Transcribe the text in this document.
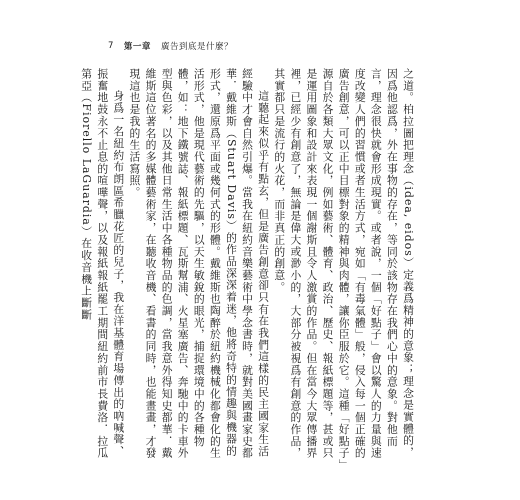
7 第一章 廣告到底是什麼？

之道。柏拉圖把理念（idea, eidos）定義爲精神的意象；理念是實體的，因爲他認爲，外在事物的存在，等同於該物存在我們心中的意象。對他而言，理念很快就會形成現實。或者說，一個「好點子」會以驚人的力量與速度改變人們的習慣或者生活方式，宛如「有毒氣體」般，侵入每一個正確的廣告創意，可以正中目標對象的精神與肉體，讓你臣服於它。這種「好點子」源自於各類大眾文化，例如藝術、體育、政治、歷史、報紙標題等，甚或只是運用圖象和設計來表現一個謝斯且令人激賞的作品。但在當今大眾傳播界裡，已經少有創意了，無論是偉大或渺小的，大部分被視爲有創意的作品，其實都只是流行的火花，而非真正的創意。

這聽起來似乎有點玄，但是廣告創意卻只有在我們這樣的民主國家生活經驗中才會自然引爆。當我在紐約音樂藝術中學念書時，就對美國畫家史都華．戴維斯（Stuart Davis）的作品深深着迷，他將奇特的情趣與機器的形式，還原爲平面或幾何式的形體。戴維斯也陶醉於紐約機械化都會化的生活形式，他是現代藝術的先驅，以天生敏銳的眼光，捕捉環境中的各種物體，如：地下鐵號誌、報紙標題、瓦斯幫浦、火星塞廣告、奔馳中的卡車外型與色彩，以及其他日常生活中各種物品的色調，當我意外得知史都華．戴維斯這位著名的多媒體藝術家，在聽收音機、看書的同時，也能畫畫，才發現這也是我的生活寫照。

身爲一名紐約布朗區希臘花匠的兒子，我在洋基體育場傳出的吶喊聲、振奮地鼓永不止息的喧嘩聲，以及報紙報紙罷工期間紐約前市長費洛．拉瓜第亞（Fiorello LaGuardia）在收音機上斷斷
